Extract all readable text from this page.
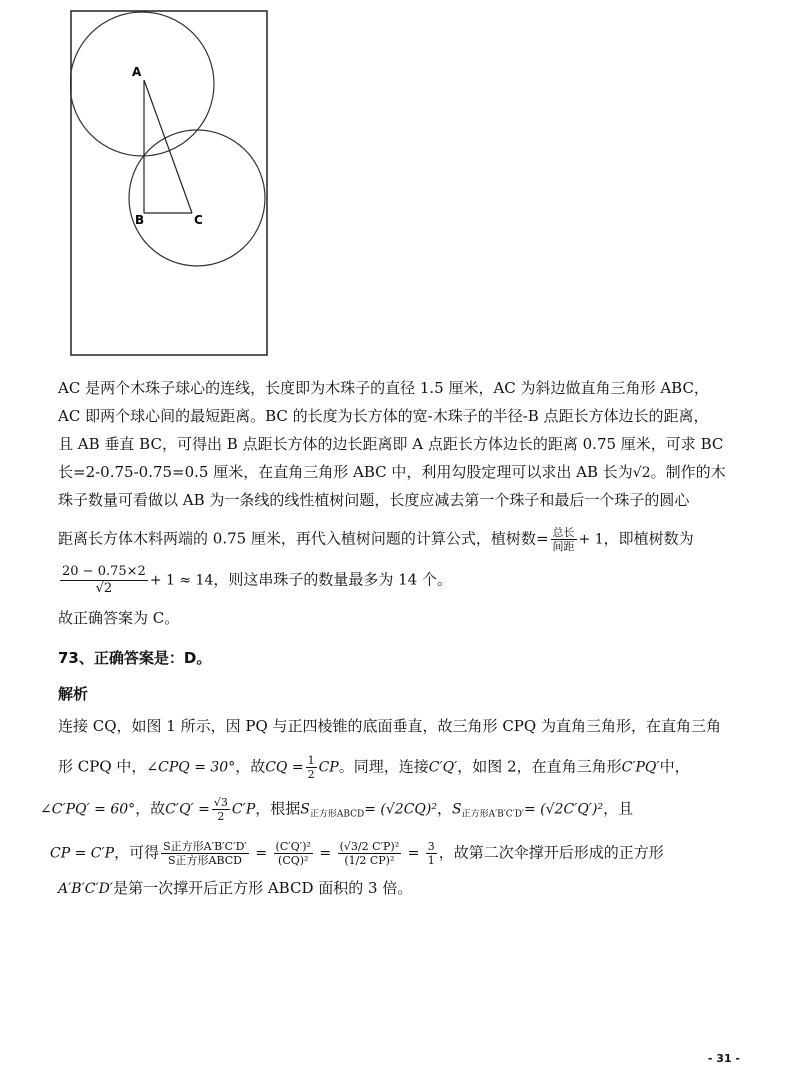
A
B	C
AC 是两个木珠子球心的连线，长度即为木珠子的直径 1.5 厘米，AC 为斜边做直角三角形 ABC，
AC 即两个球心间的最短距离。BC 的长度为长方体的宽-木珠子的半径-B 点距长方体边长的距离，
且 AB 垂直 BC，可得出 B 点距长方体的边长距离即 A 点距长方体边长的距离 0.75 厘米，可求 BC
长=2-0.75-0.75=0.5 厘米，在直角三角形 ABC 中，利用勾股定理可以求出 AB 长为√2。制作的木
珠子数量可看做以 AB 为一条线的线性植树问题，长度应减去第一个珠子和最后一个珠子的圆心
距离长方体木料两端的 0.75 厘米，再代入植树问题的计算公式，植树数= $\frac{\text{总长}}{\text{间距}} + 1$，即植树数为
$\frac{20 - 0.75\times 2}{√2} + 1 \approx 14$，则这串珠子的数量最多为 14 个。
故正确答案为 C。
73、正确答案是：D。
解析
连接 CQ，如图 1 所示，因 PQ 与正四棱锥的底面垂直，故三角形 CPQ 为直角三角形，在直角三角
形 CPQ 中，∠CPQ = 30°，故CQ = $\frac{1}{2}$ CP。同理，连接C′Q′，如图 2，在直角三角形C′PQ′中，
∠C′PQ′ = 60°，故$C'Q' = \frac{√3}{2} C'P$，根据$S_{正方形ABCD}= (√2CQ)^2$，$S_{正方形A'B'C'D'}= (√2C'Q')^2$，且
CP = C′P，可得 $\frac{\text{S正方形A′B′C′D′}}{\text{S正方形ABCD}} = \frac{\text{(C′Q′)²}}{\text{(CQ)²}} = \frac{\text{(√3/2 C′P)²}}{\text{(1/2 CP)²}} = \frac{3}{1}$ ，故第二次伞撑开后形成的正方形
A′B′C′D′是第一次撑开后正方形 ABCD 面积的 3 倍。
- 31 -
